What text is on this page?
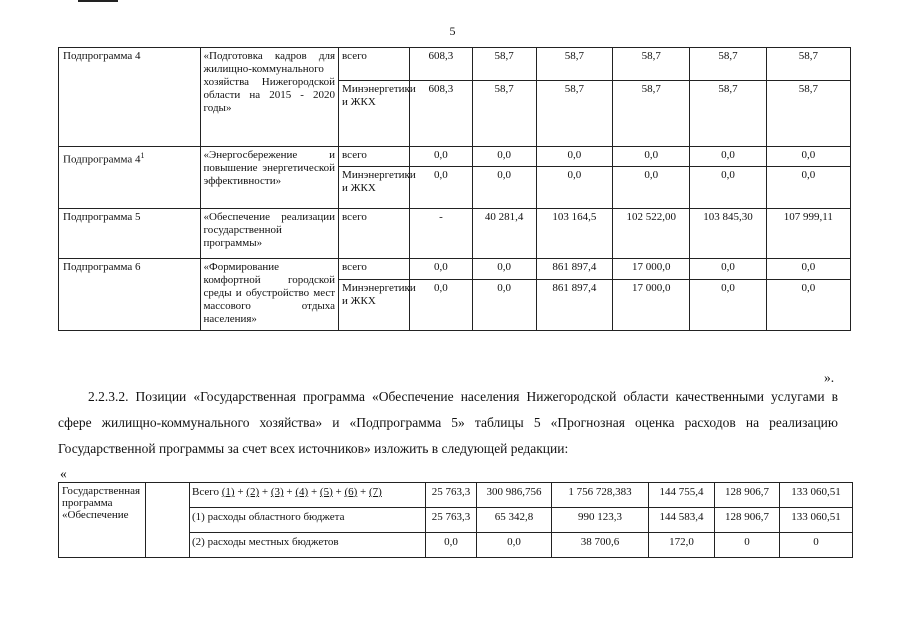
5
Подпрограмма 4	«Подготовка кадров для жилищно-коммунального хозяйства Нижегородской области на 2015 - 2020 годы»	всего	608,3	58,7	58,7	58,7	58,7	58,7
		Минэнергетики и ЖКХ	608,3	58,7	58,7	58,7	58,7	58,7
Подпрограмма $4^1$	«Энергосбережение и повышение энергетической эффективности»	всего	0,0	0,0	0,0	0,0	0,0	0,0
		Минэнергетики и ЖКХ	0,0	0,0	0,0	0,0	0,0	0,0
Подпрограмма 5	«Обеспечение реализации государственной программы»	всего	-	40 281,4	103 164,5	102 522,00	103 845,30	107 999,11
Подпрограмма 6	«Формирование комфортной городской среды и обустройство мест массового отдыха населения»	всего	0,0	0,0	861 897,4	17 000,0	0,0	0,0
		Минэнергетики и ЖКХ	0,0	0,0	861 897,4	17 000,0	0,0	0,0
».
2.2.3.2. Позиции «Государственная программа «Обеспечение населения Нижегородской области качественными услугами в сфере жилищно-коммунального хозяйства» и «Подпрограмма 5» таблицы 5 «Прогнозная оценка расходов на реализацию Государственной программы за счет всех источников» изложить в следующей редакции:
«
Государственная программа «Обеспечение		Всего (1) + (2) + (3) + (4) + (5) + (6) + (7)	25 763,3	300 986,756	1 756 728,383	144 755,4	128 906,7	133 060,51
		(1) расходы областного бюджета	25 763,3	65 342,8	990 123,3	144 583,4	128 906,7	133 060,51
		(2) расходы местных бюджетов	0,0	0,0	38 700,6	172,0	0	0
